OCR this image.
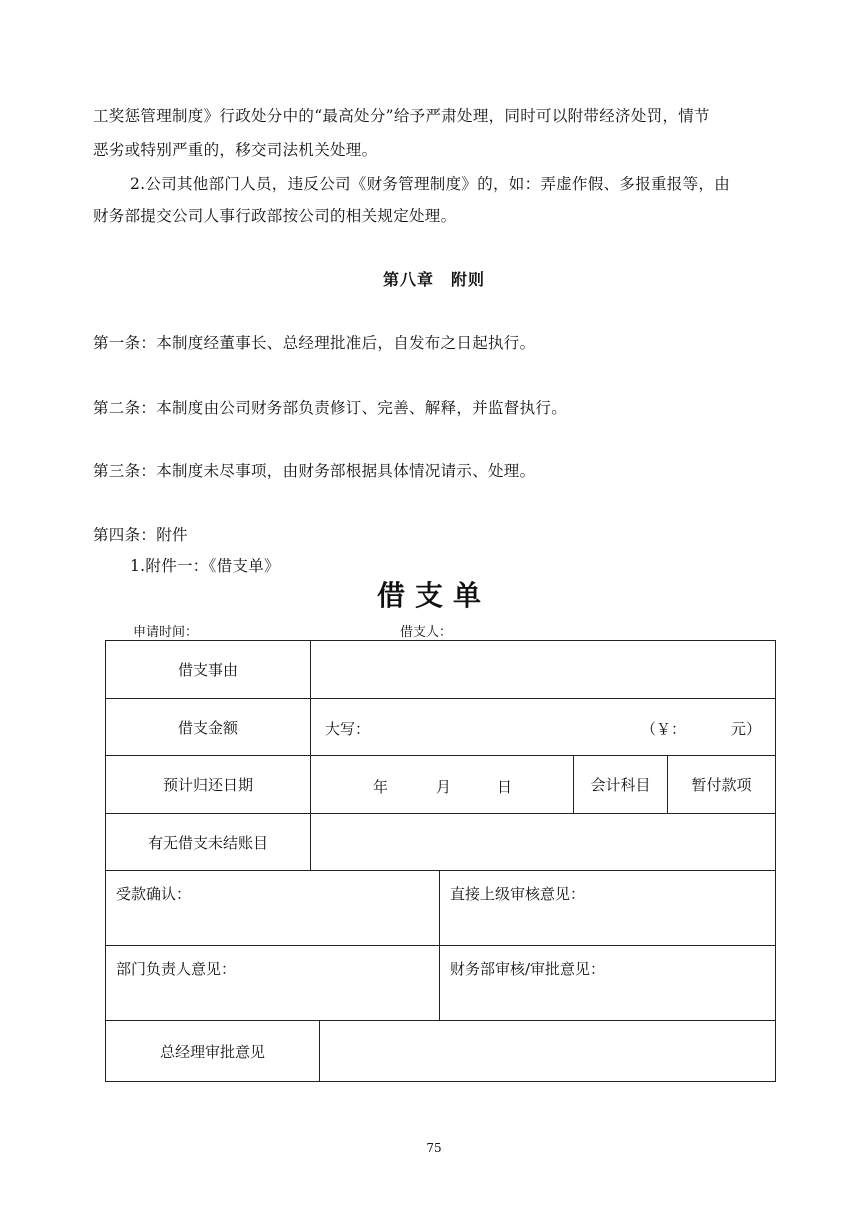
工奖惩管理制度》行政处分中的“最高处分”给予严肃处理，同时可以附带经济处罚，情节
恶劣或特别严重的，移交司法机关处理。
2.公司其他部门人员，违反公司《财务管理制度》的，如：弄虚作假、多报重报等，由
财务部提交公司人事行政部按公司的相关规定处理。
第八章　附则
第一条：本制度经董事长、总经理批准后，自发布之日起执行。
第二条：本制度由公司财务部负责修订、完善、解释，并监督执行。
第三条：本制度未尽事项，由财务部根据具体情况请示、处理。
第四条：附件
1.附件一：《借支单》
借支单
申请时间：	借支人：
借支事由
借支金额	大写：	（￥：	元）
预计归还日期	年	月	日	会计科目	暂付款项
有无借支未结账目
受款确认：	直接上级审核意见：
部门负责人意见：	财务部审核/审批意见：
总经理审批意见
75
